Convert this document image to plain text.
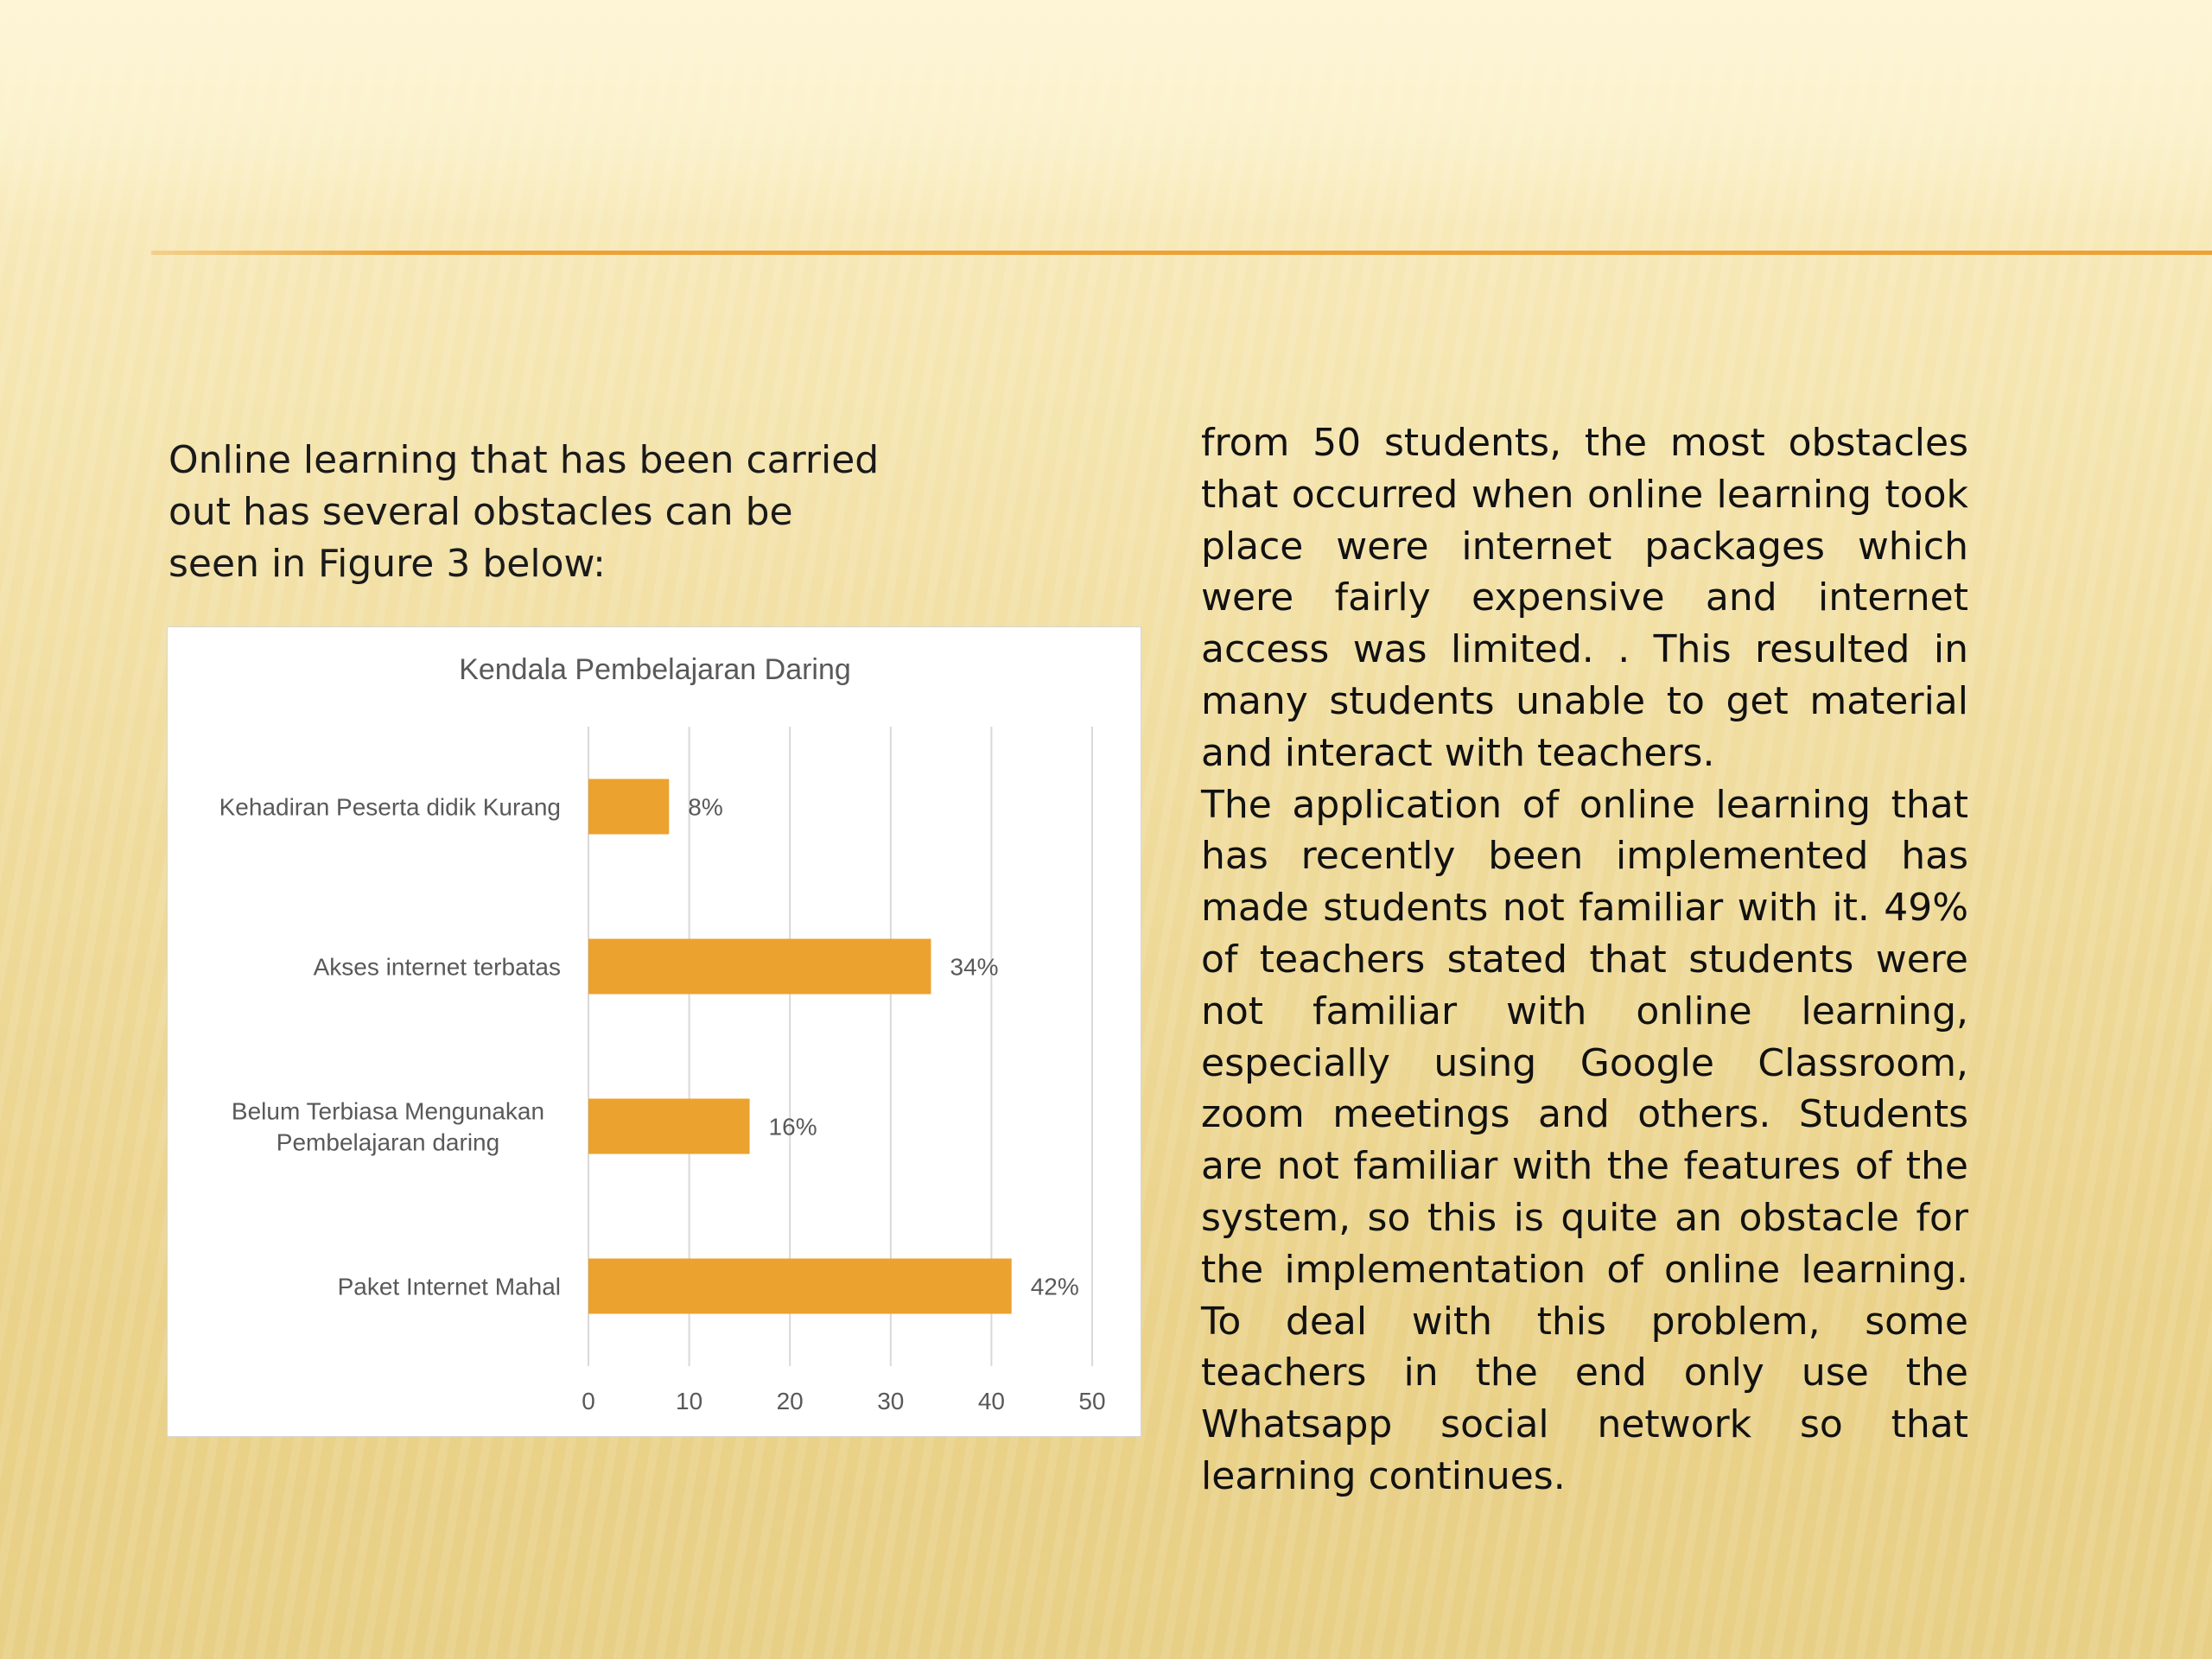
Online learning that has been carried out has several obstacles can be seen in Figure 3 below:

Kendala Pembelajaran Daring
0	10	20	30	40	50
8%
Kehadiran Peserta didik Kurang
34%
Akses internet terbatas
16%
Belum Terbiasa Mengunakan
Pembelajaran daring
42%
Paket Internet Mahal

from 50 students, the most obstacles that occurred when online learning took place were internet packages which were fairly expensive and internet access was limited. . This resulted in many students unable to get material and interact with teachers.

The application of online learning that has recently been implemented has made students not familiar with it. 49% of teachers stated that students were not familiar with online learning, especially using Google Classroom, zoom meetings and others. Students are not familiar with the features of the system, so this is quite an obstacle for the implementation of online learning. To deal with this problem, some teachers in the end only use the Whatsapp social network so that learning continues.
